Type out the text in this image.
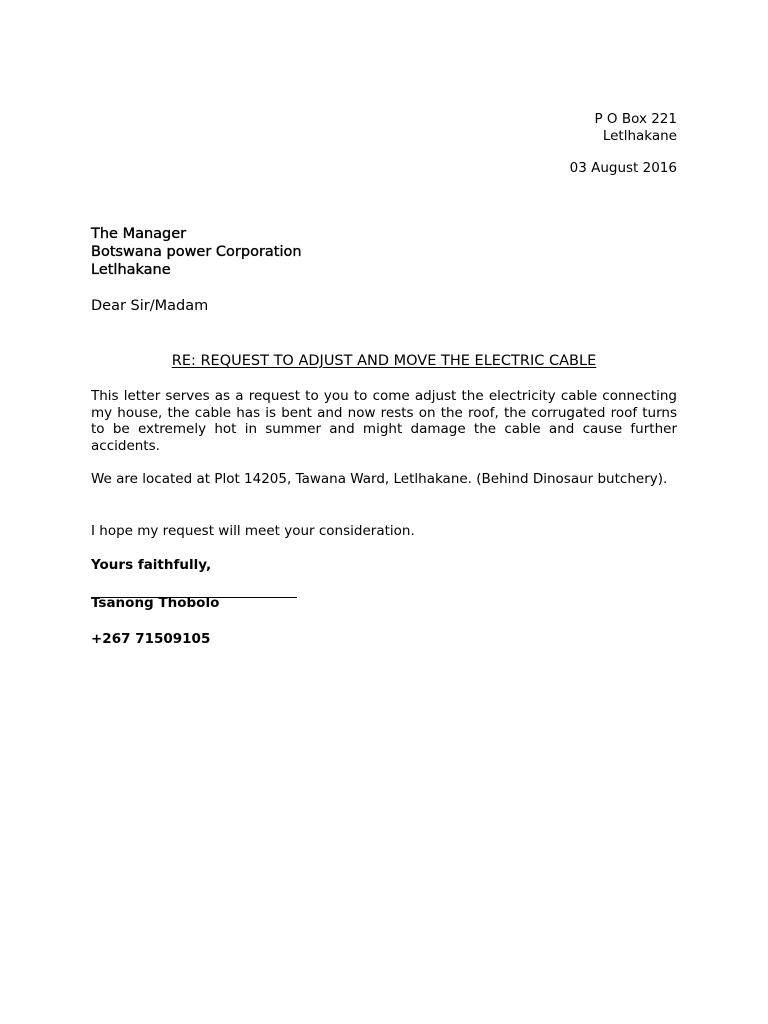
P O Box 221
Letlhakane
03 August 2016
The Manager
Botswana power Corporation
Letlhakane
Dear Sir/Madam
RE: REQUEST TO ADJUST AND MOVE THE ELECTRIC CABLE

This letter serves as a request to you to come adjust the electricity cable connecting my house, the cable has is bent and now rests on the roof, the corrugated roof turns to be extremely hot in summer and might damage the cable and cause further accidents.

We are located at Plot 14205, Tawana Ward, Letlhakane. (Behind Dinosaur butchery).

I hope my request will meet your consideration.

Yours faithfully,
Tsanong Thobolo
+267 71509105
